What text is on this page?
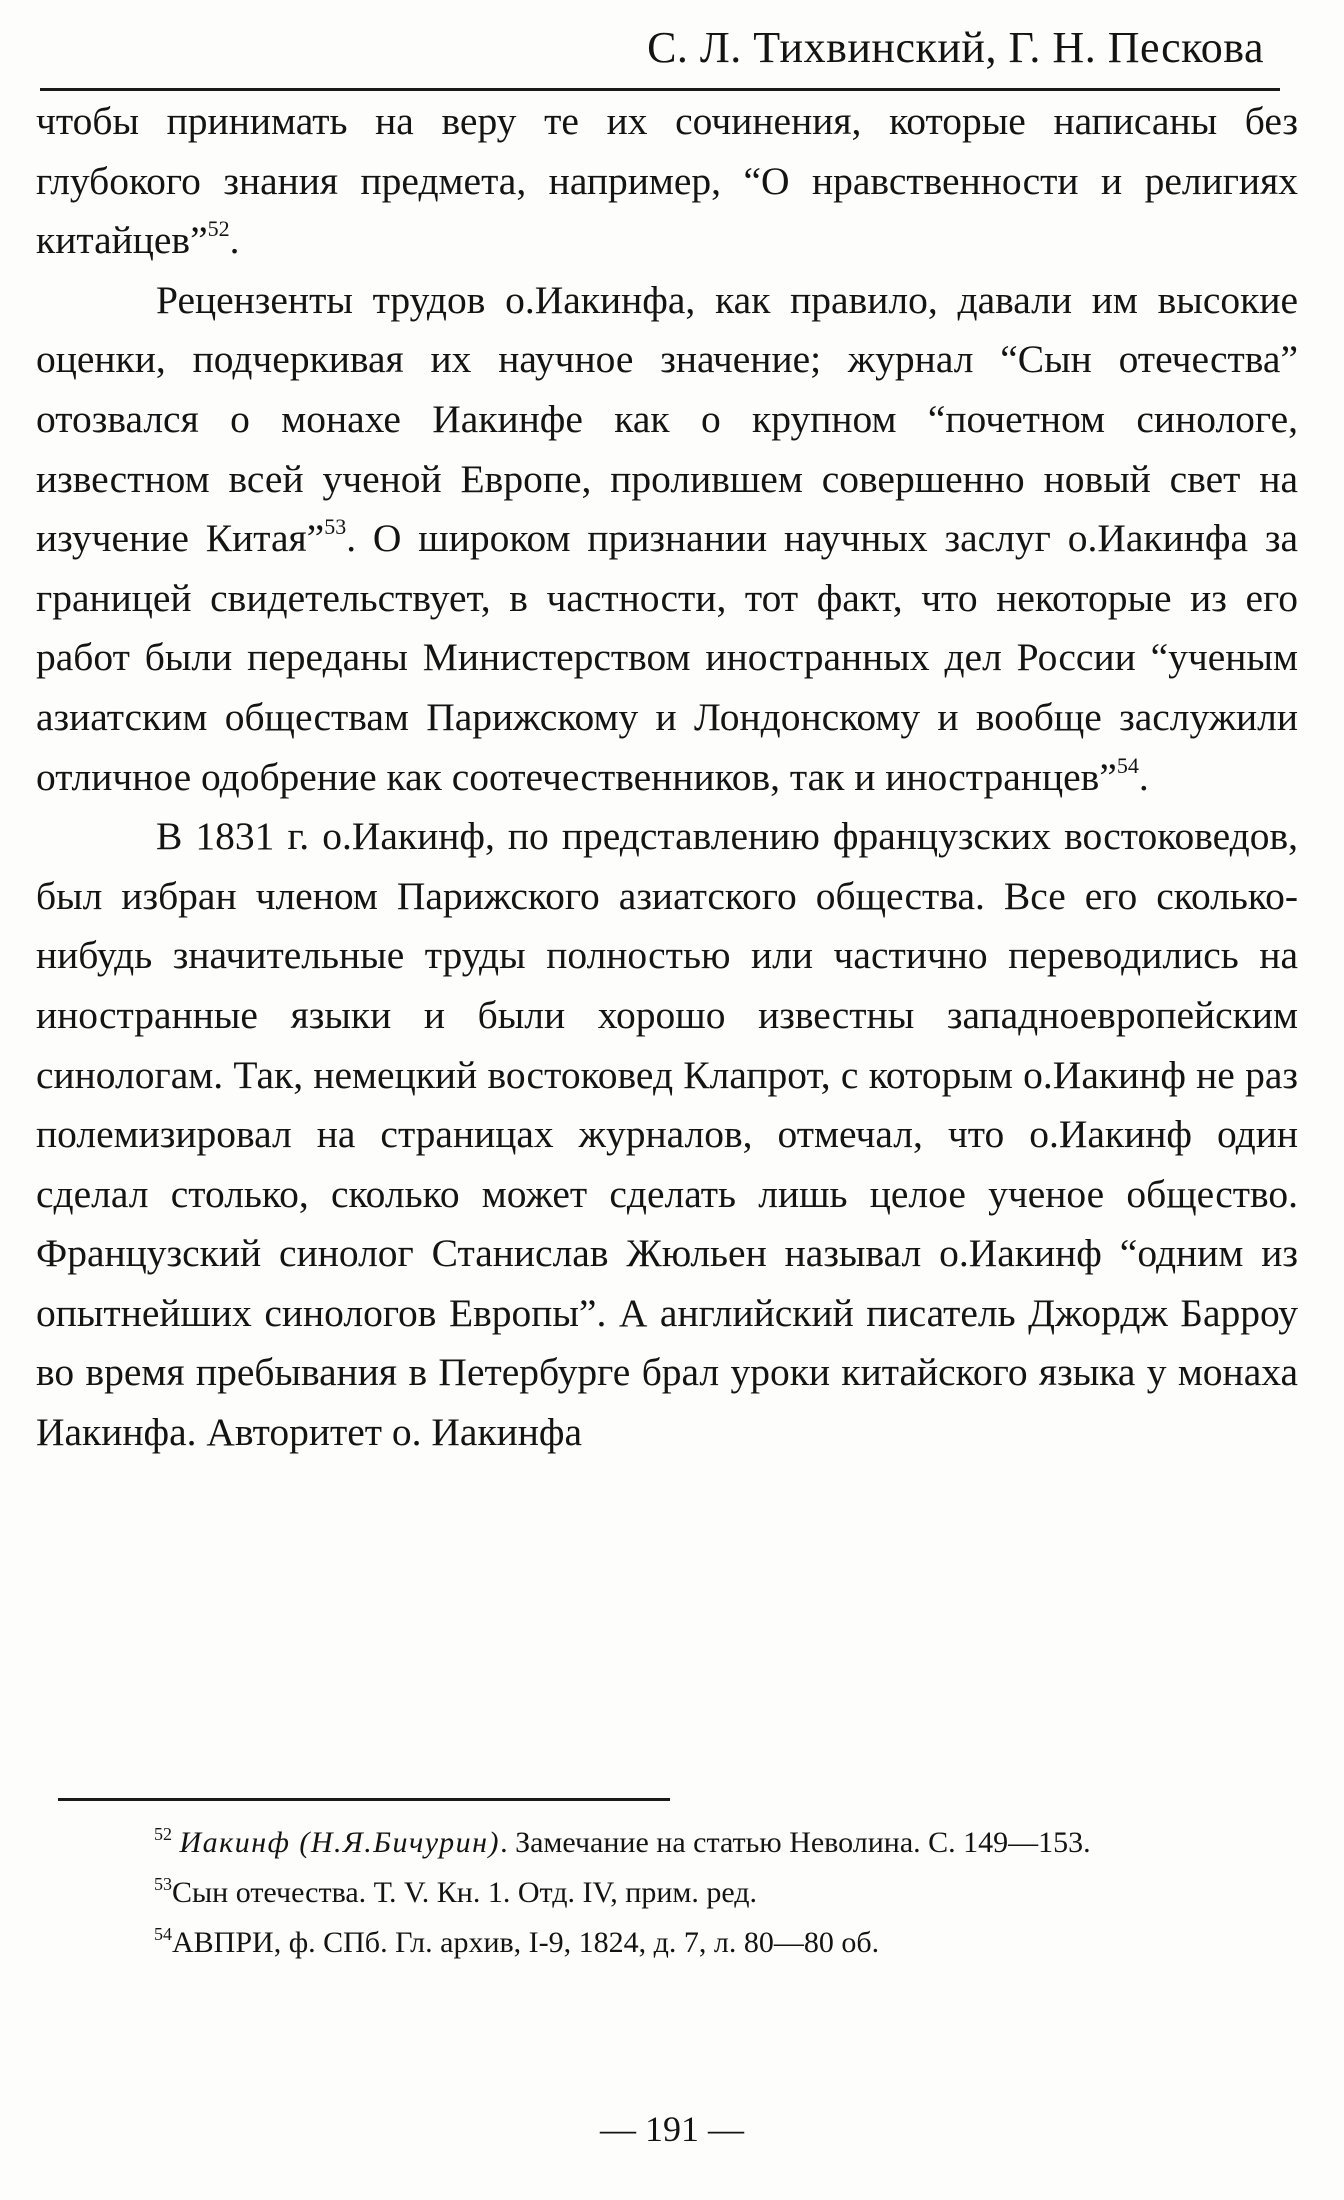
С. Л. Тихвинский, Г. Н. Пескова

чтобы принимать на веру те их сочинения, которые написаны без глубокого знания предмета, например, “О нравственности и религиях китайцев”$^{52}$.

Рецензенты трудов о.Иакинфа, как правило, давали им высокие оценки, подчеркивая их научное значение; журнал “Сын отечества” отозвался о монахе Иакинфе как о крупном “почетном синологе, известном всей ученой Европе, пролившем совершенно новый свет на изучение Китая”$^{53}$. О широком признании научных заслуг о.Иакинфа за границей свидетельствует, в частности, тот факт, что некоторые из его работ были переданы Министерством иностранных дел России “ученым азиатским обществам Парижскому и Лондонскому и вообще заслужили отличное одобрение как соотечественников, так и иностранцев”$^{54}$.

В 1831 г. о.Иакинф, по представлению французских востоковедов, был избран членом Парижского азиатского общества. Все его сколько-нибудь значительные труды полностью или частично переводились на иностранные языки и были хорошо известны западноевропейским синологам. Так, немецкий востоковед Клапрот, с которым о.Иакинф не раз полемизировал на страницах журналов, отмечал, что о.Иакинф один сделал столько, сколько может сделать лишь целое ученое общество. Французский синолог Станислав Жюльен называл о.Иакинф “одним из опытнейших синологов Европы”. А английский писатель Джордж Барроу во время пребывания в Петербурге брал уроки китайского языка у монаха Иакинфа. Авторитет о. Иакинфа

$^{52}$ Иакинф (Н.Я.Бичурин). Замечание на статью Неволина. С. 149—153.

$^{53}$Сын отечества. Т. V. Кн. 1. Отд. IV, прим. ред.

$^{54}$АВПРИ, ф. СПб. Гл. архив, I-9, 1824, д. 7, л. 80—80 об.

— 191 —
